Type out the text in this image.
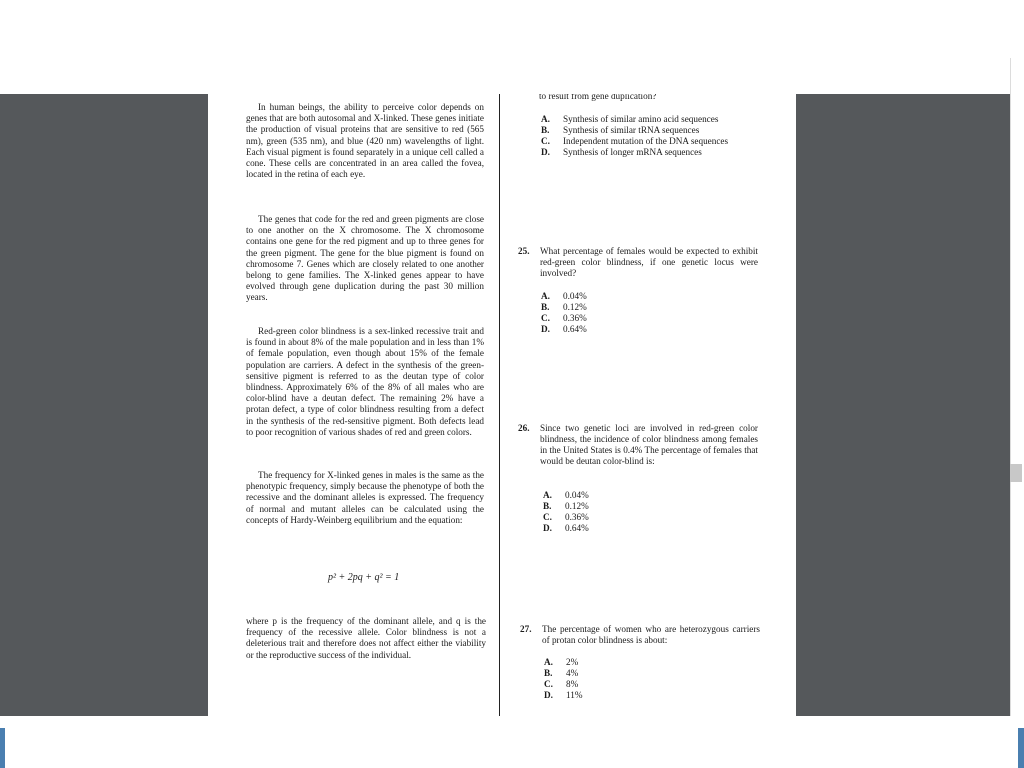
In human beings, the ability to perceive color depends on genes that are both autosomal and X-linked. These genes initiate the production of visual proteins that are sensitive to red (565 nm), green (535 nm), and blue (420 nm) wavelengths of light. Each visual pigment is found separately in a unique cell called a cone. These cells are concentrated in an area called the fovea, located in the retina of each eye.
The genes that code for the red and green pigments are close to one another on the X chromosome. The X chromosome contains one gene for the red pigment and up to three genes for the green pigment. The gene for the blue pigment is found on chromosome 7. Genes which are closely related to one another belong to gene families. The X-linked genes appear to have evolved through gene duplication during the past 30 million years.
Red-green color blindness is a sex-linked recessive trait and is found in about 8% of the male population and in less than 1% of female population, even though about 15% of the female population are carriers. A defect in the synthesis of the green-sensitive pigment is referred to as the deutan type of color blindness. Approximately 6% of the 8% of all males who are color-blind have a deutan defect. The remaining 2% have a protan defect, a type of color blindness resulting from a defect in the synthesis of the red-sensitive pigment. Both defects lead to poor recognition of various shades of red and green colors.
The frequency for X-linked genes in males is the same as the phenotypic frequency, simply because the phenotype of both the recessive and the dominant alleles is expressed. The frequency of normal and mutant alleles can be calculated using the concepts of Hardy-Weinberg equilibrium and the equation:
p² + 2pq + q² = 1
where p is the frequency of the dominant allele, and q is the frequency of the recessive allele. Color blindness is not a deleterious trait and therefore does not affect either the viability or the reproductive success of the individual.
to result from gene duplication?
A. Synthesis of similar amino acid sequences
B. Synthesis of similar tRNA sequences
C. Independent mutation of the DNA sequences
D. Synthesis of longer mRNA sequences
25. What percentage of females would be expected to exhibit red-green color blindness, if one genetic locus were involved?
A. 0.04%
B. 0.12%
C. 0.36%
D. 0.64%
26. Since two genetic loci are involved in red-green color blindness, the incidence of color blindness among females in the United States is 0.4% The percentage of females that would be deutan color-blind is:
A. 0.04%
B. 0.12%
C. 0.36%
D. 0.64%
27. The percentage of women who are heterozygous carriers of protan color blindness is about:
A. 2%
B. 4%
C. 8%
D. 11%
